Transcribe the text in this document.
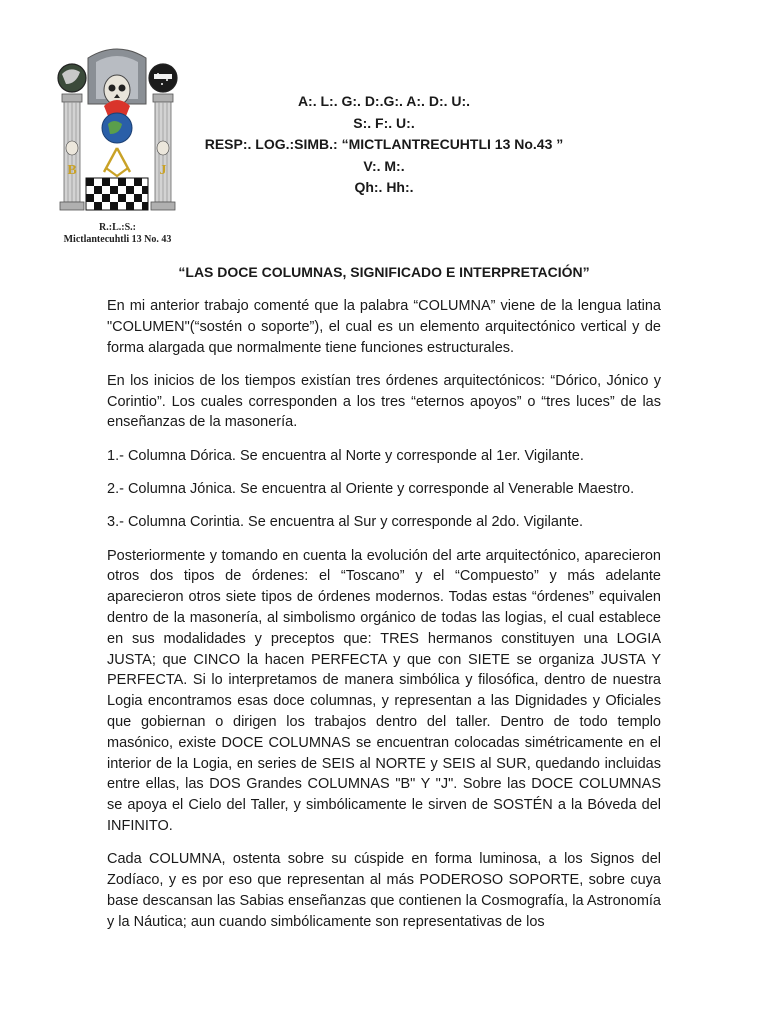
B	J
R.:L.:S.:
Mictlantecuhtli 13 No. 43
A:. L:. G:. D:.G:. A:. D:. U:.
S:. F:. U:.
RESP:. LOG.:SIMB.: “MICTLANTRECUHTLI 13 No.43 ”
V:. M:.
Qh:. Hh:.
“LAS DOCE COLUMNAS, SIGNIFICADO E INTERPRETACIÓN”

En mi anterior trabajo comenté que la palabra “COLUMNA” viene de la lengua latina "COLUMEN"(“sostén o soporte”), el cual es un elemento arquitectónico vertical y de forma alargada que normalmente tiene funciones estructurales.

En los inicios de los tiempos existían tres órdenes arquitectónicos: “Dórico, Jónico y Corintio”. Los cuales corresponden a los tres “eternos apoyos” o “tres luces” de las enseñanzas de la masonería.

1.- Columna Dórica. Se encuentra al Norte y corresponde al 1er. Vigilante.

2.- Columna Jónica. Se encuentra al Oriente y corresponde al Venerable Maestro.

3.- Columna Corintia. Se encuentra al Sur y corresponde al 2do. Vigilante.

Posteriormente y tomando en cuenta la evolución del arte arquitectónico, aparecieron otros dos tipos de órdenes: el “Toscano” y el “Compuesto” y más adelante aparecieron otros siete tipos de órdenes modernos. Todas estas “órdenes” equivalen dentro de la masonería, al simbolismo orgánico de todas las logias, el cual establece en sus modalidades y preceptos que: TRES hermanos constituyen una LOGIA JUSTA; que CINCO la hacen PERFECTA y que con SIETE se organiza JUSTA Y PERFECTA. Si lo interpretamos de manera simbólica y filosófica, dentro de nuestra Logia encontramos esas doce columnas, y representan a las Dignidades y Oficiales que gobiernan o dirigen los trabajos dentro del taller. Dentro de todo templo masónico, existe DOCE COLUMNAS se encuentran colocadas simétricamente en el interior de la Logia, en series de SEIS al NORTE y SEIS al SUR, quedando incluidas entre ellas, las DOS Grandes COLUMNAS "B" Y "J". Sobre las DOCE COLUMNAS se apoya el Cielo del Taller, y simbólicamente le sirven de SOSTÉN a la Bóveda del INFINITO.

Cada COLUMNA, ostenta sobre su cúspide en forma luminosa, a los Signos del Zodíaco, y es por eso que representan al más PODEROSO SOPORTE, sobre cuya base descansan las Sabias enseñanzas que contienen la Cosmografía, la Astronomía y la Náutica; aun cuando simbólicamente son representativas de los
